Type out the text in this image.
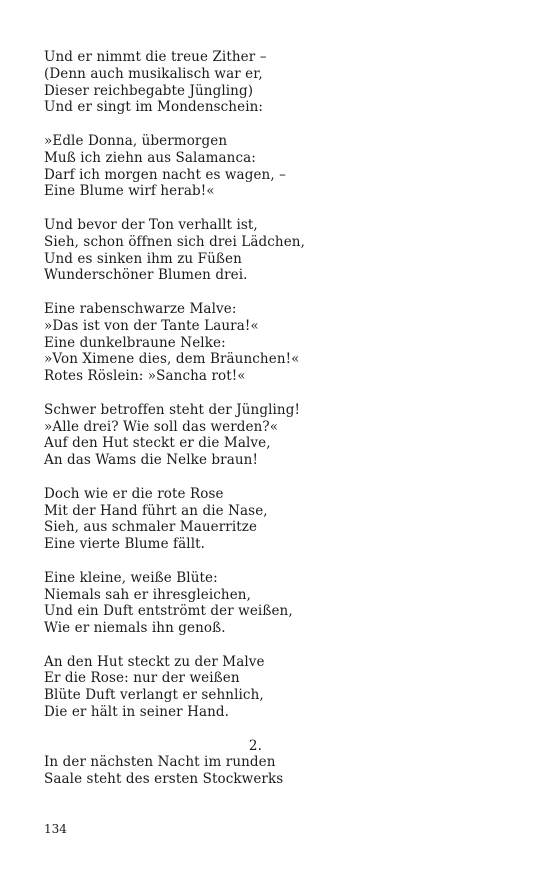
Und er nimmt die treue Zither –
(Denn auch musikalisch war er,
Dieser reichbegabte Jüngling)
Und er singt im Mondenschein:
»Edle Donna, übermorgen
Muß ich ziehn aus Salamanca:
Darf ich morgen nacht es wagen, –
Eine Blume wirf herab!«
Und bevor der Ton verhallt ist,
Sieh, schon öffnen sich drei Lädchen,
Und es sinken ihm zu Füßen
Wunderschöner Blumen drei.
Eine rabenschwarze Malve:
»Das ist von der Tante Laura!«
Eine dunkelbraune Nelke:
»Von Ximene dies, dem Bräunchen!«
Rotes Röslein: »Sancha rot!«
Schwer betroffen steht der Jüngling!
»Alle drei? Wie soll das werden?«
Auf den Hut steckt er die Malve,
An das Wams die Nelke braun!
Doch wie er die rote Rose
Mit der Hand führt an die Nase,
Sieh, aus schmaler Mauerritze
Eine vierte Blume fällt.
Eine kleine, weiße Blüte:
Niemals sah er ihresgleichen,
Und ein Duft entströmt der weißen,
Wie er niemals ihn genoß.
An den Hut steckt zu der Malve
Er die Rose: nur der weißen
Blüte Duft verlangt er sehnlich,
Die er hält in seiner Hand.
2.
In der nächsten Nacht im runden
Saale steht des ersten Stockwerks
134
